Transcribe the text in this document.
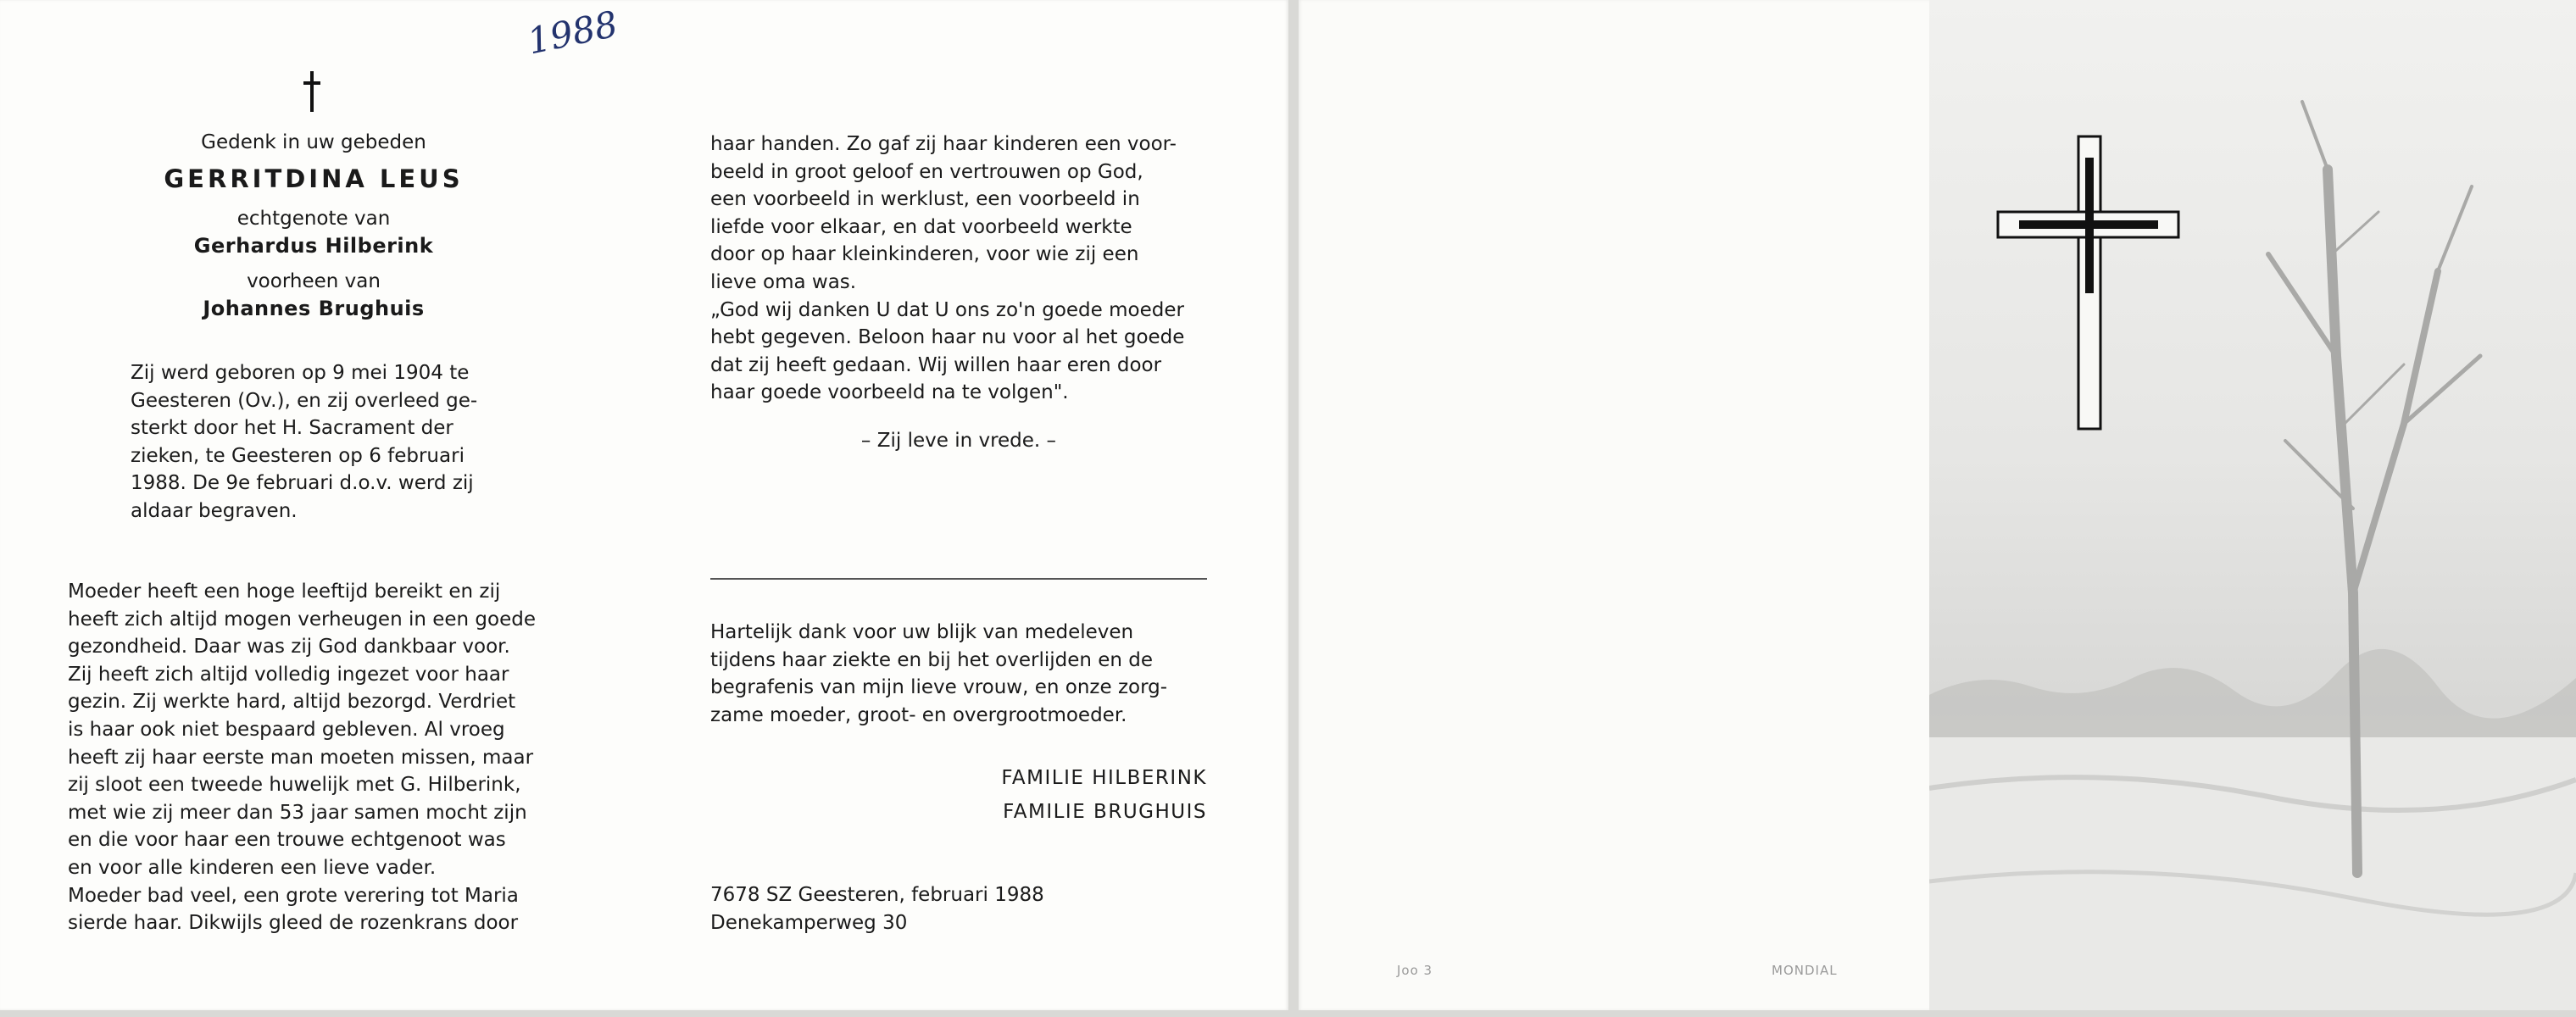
1988
Gedenk in uw gebeden
GERRITDINA LEUS
echtgenote van
Gerhardus Hilberink
voorheen van
Johannes Brughuis

Zij werd geboren op 9 mei 1904 te

Geesteren (Ov.), en zij overleed ge-

sterkt door het H. Sacrament der

zieken, te Geesteren op 6 februari

1988. De 9e februari d.o.v. werd zij

aldaar begraven.

Moeder heeft een hoge leeftijd bereikt en zij

heeft zich altijd mogen verheugen in een goede

gezondheid. Daar was zij God dankbaar voor.

Zij heeft zich altijd volledig ingezet voor haar

gezin. Zij werkte hard, altijd bezorgd. Verdriet

is haar ook niet bespaard gebleven. Al vroeg

heeft zij haar eerste man moeten missen, maar

zij sloot een tweede huwelijk met G. Hilberink,

met wie zij meer dan 53 jaar samen mocht zijn

en die voor haar een trouwe echtgenoot was

en voor alle kinderen een lieve vader.

Moeder bad veel, een grote verering tot Maria

sierde haar. Dikwijls gleed de rozenkrans door

haar handen. Zo gaf zij haar kinderen een voor-

beeld in groot geloof en vertrouwen op God,

een voorbeeld in werklust, een voorbeeld in

liefde voor elkaar, en dat voorbeeld werkte

door op haar kleinkinderen, voor wie zij een

lieve oma was.

„God wij danken U dat U ons zo'n goede moeder

hebt gegeven. Beloon haar nu voor al het goede

dat zij heeft gedaan. Wij willen haar eren door

haar goede voorbeeld na te volgen".

– Zij leve in vrede. –

Hartelijk dank voor uw blijk van medeleven

tijdens haar ziekte en bij het overlijden en de

begrafenis van mijn lieve vrouw, en onze zorg-

zame moeder, groot- en overgrootmoeder.

FAMILIE HILBERINK
FAMILIE BRUGHUIS

7678 SZ Geesteren, februari 1988

Denekamperweg 30

Joo 3	MONDIAL
